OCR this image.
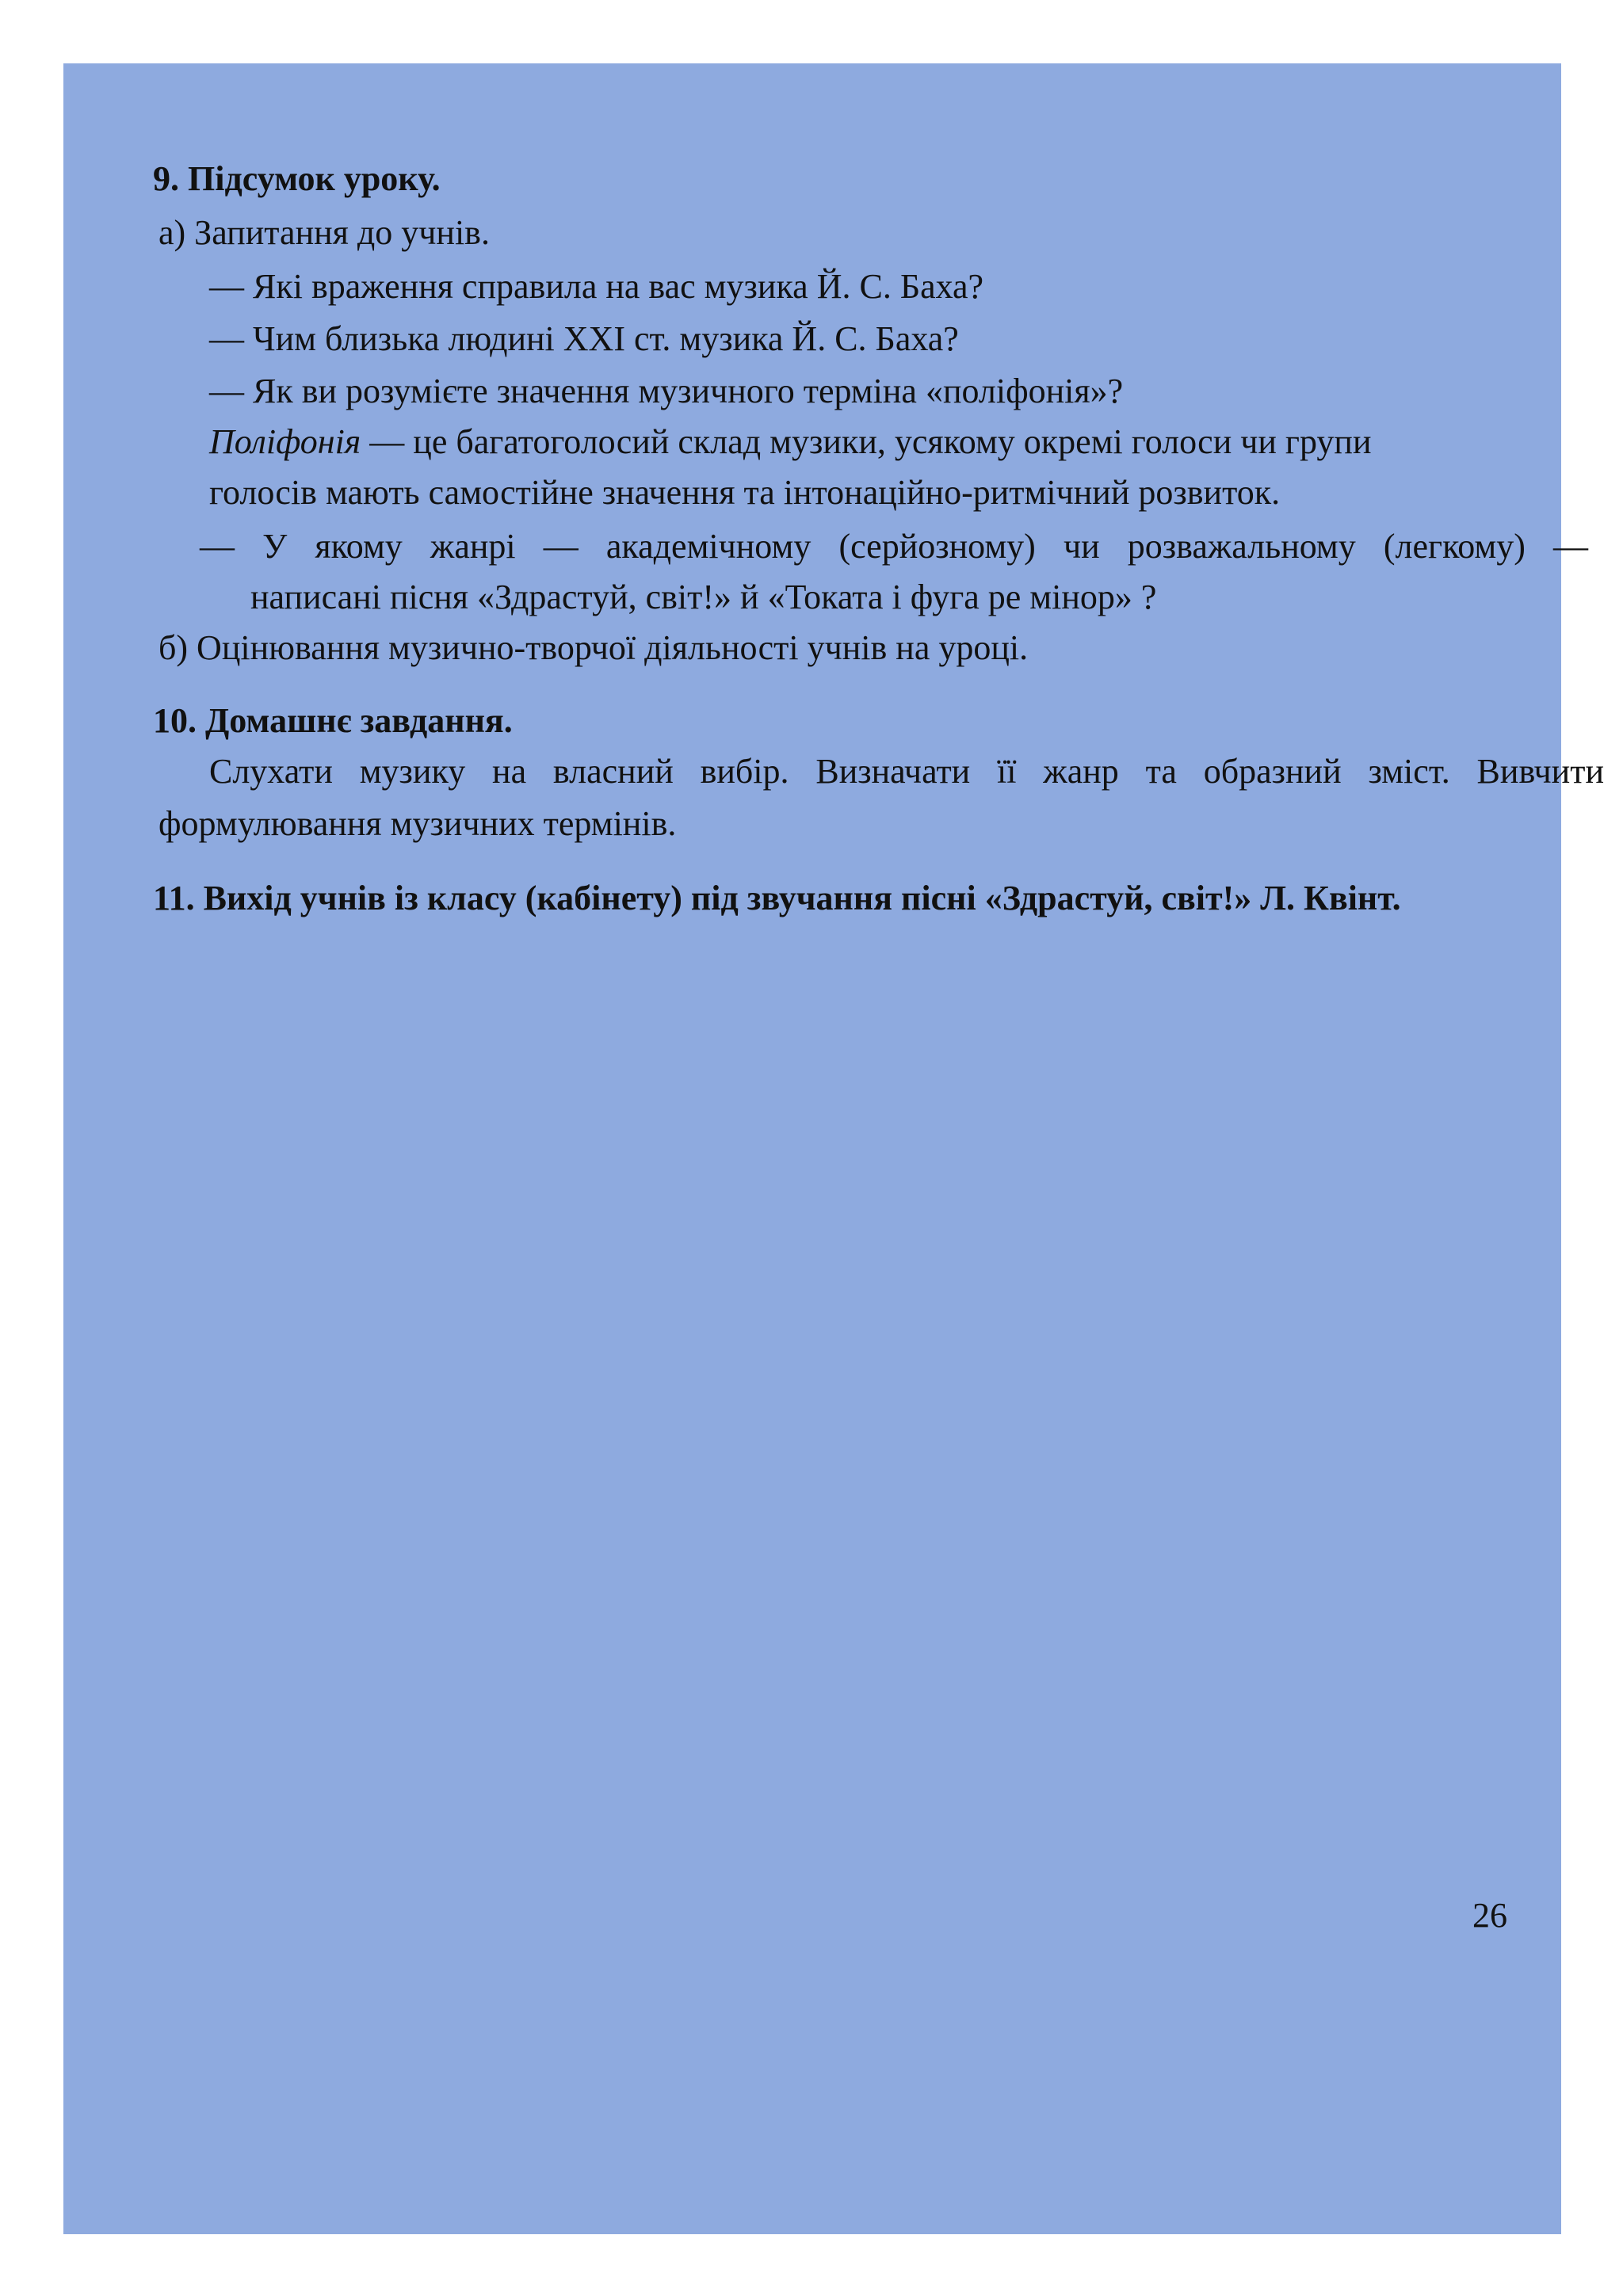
9. Підсумок уроку.
а) Запитання до учнів.
— Які враження справила на вас музика Й. С. Баха?
— Чим близька людині XXI ст. музика Й. С. Баха?
— Як ви розумієте значення музичного терміна «поліфонія»?
Поліфонія — це багатоголосий склад музики, усякому окремі голоси чи групи
голосів мають самостійне значення та інтонаційно-ритмічний розвиток.
— У якому жанрі — академічному (серйозному) чи розважальному (легкому) —
написані пісня «Здрастуй, світ!» й «Токата і фуга ре мінор» ?
б) Оцінювання музично-творчої діяльності учнів на уроці.
10. Домашнє завдання.
Слухати музику на власний вибір. Визначати її жанр та образний зміст. Вивчити
формулювання музичних термінів.
11. Вихід учнів із класу (кабінету) під звучання пісні «Здрастуй, світ!» Л. Квінт.
26
